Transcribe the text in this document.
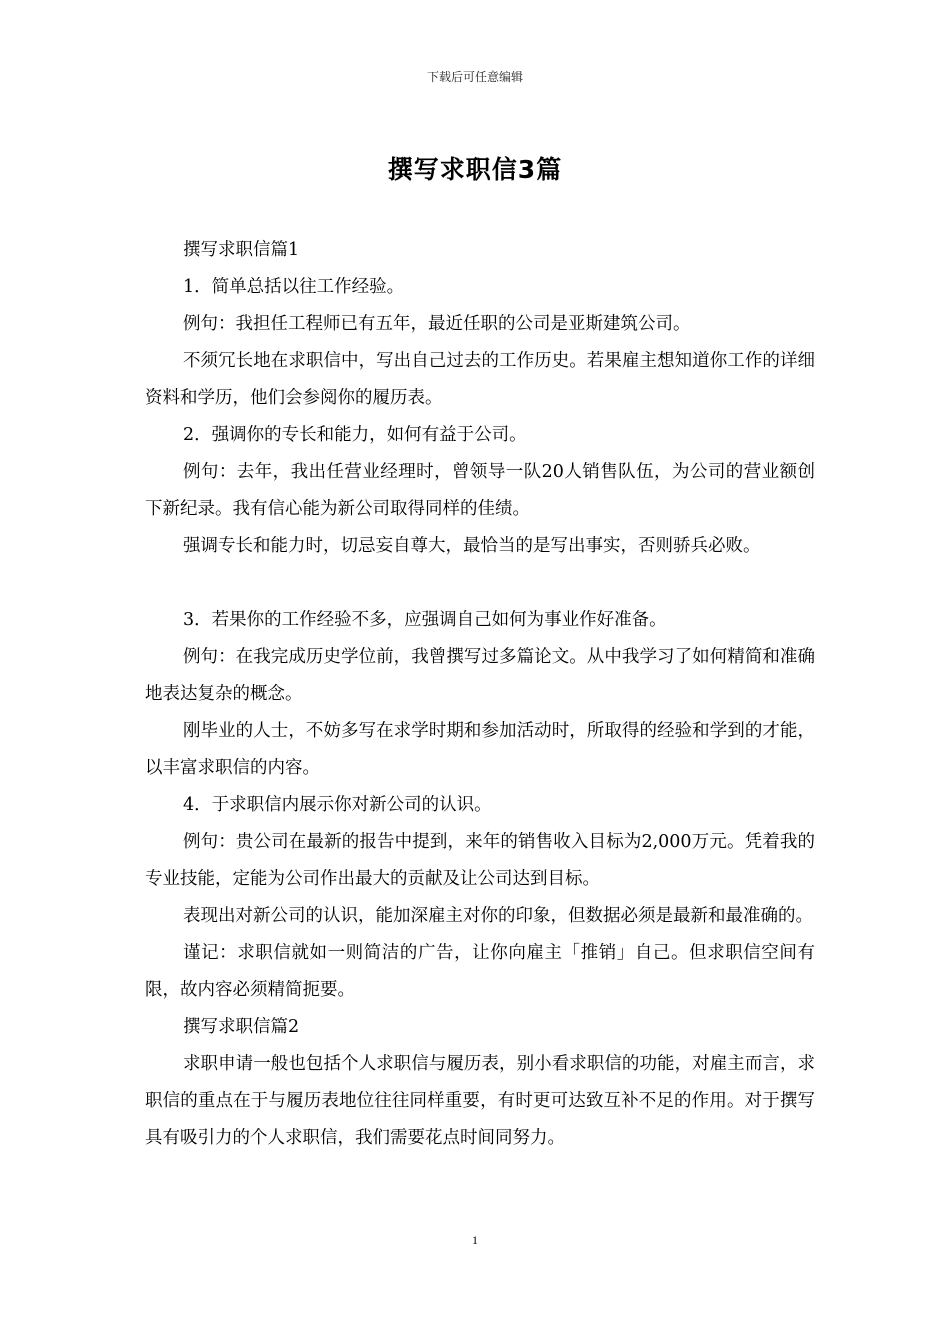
下载后可任意编辑
撰写求职信3篇

撰写求职信篇1

1．简单总括以往工作经验。

例句：我担任工程师已有五年，最近任职的公司是亚斯建筑公司。

不须冗长地在求职信中，写出自己过去的工作历史。若果雇主想知道你工作的详细资料和学历，他们会参阅你的履历表。

2．强调你的专长和能力，如何有益于公司。

例句：去年，我出任营业经理时，曾领导一队20人销售队伍，为公司的营业额创下新纪录。我有信心能为新公司取得同样的佳绩。

强调专长和能力时，切忌妄自尊大，最恰当的是写出事实，否则骄兵必败。

3．若果你的工作经验不多，应强调自己如何为事业作好准备。

例句：在我完成历史学位前，我曾撰写过多篇论文。从中我学习了如何精简和准确地表达复杂的概念。

刚毕业的人士，不妨多写在求学时期和参加活动时，所取得的经验和学到的才能，以丰富求职信的内容。

4．于求职信内展示你对新公司的认识。

例句：贵公司在最新的报告中提到，来年的销售收入目标为2,000万元。凭着我的专业技能，定能为公司作出最大的贡献及让公司达到目标。

表现出对新公司的认识，能加深雇主对你的印象，但数据必须是最新和最准确的。

谨记：求职信就如一则简洁的广告，让你向雇主「推销」自己。但求职信空间有限，故内容必须精简扼要。

撰写求职信篇2

求职申请一般也包括个人求职信与履历表，别小看求职信的功能，对雇主而言，求职信的重点在于与履历表地位往往同样重要，有时更可达致互补不足的作用。对于撰写具有吸引力的个人求职信，我们需要花点时间同努力。

1
